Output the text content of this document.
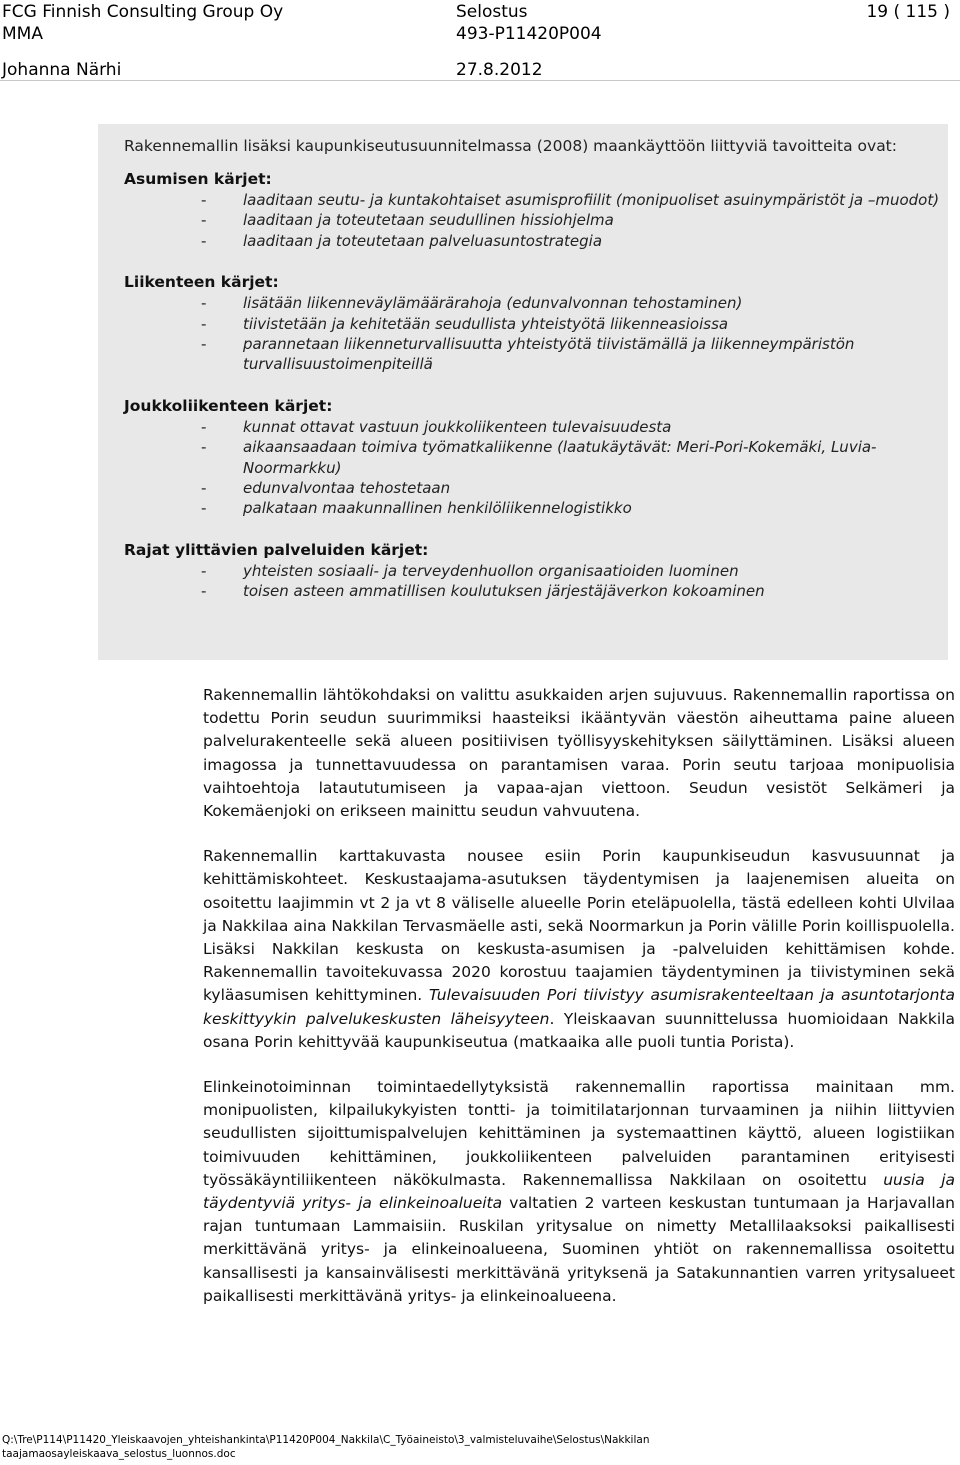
FCG Finnish Consulting Group Oy
MMA
Johanna Närhi
Selostus
493-P11420P004
27.8.2012
19 ( 115 )

Rakennemallin lisäksi kaupunkiseutusuunnitelmassa (2008) maankäyttöön liittyviä tavoitteita ovat:

Asumisen kärjet:

- laaditaan seutu- ja kuntakohtaiset asumisprofiilit (monipuoliset asuinympäristöt ja –muodot)
- laaditaan ja toteutetaan seudullinen hissiohjelma
- laaditaan ja toteutetaan palveluasuntostrategia

Liikenteen kärjet:

- lisätään liikenneväylämäärärahoja (edunvalvonnan tehostaminen)
- tiivistetään ja kehitetään seudullista yhteistyötä liikenneasioissa
- parannetaan liikenneturvallisuutta yhteistyötä tiivistämällä ja liikenneympäristön turvallisuustoimenpiteillä

Joukkoliikenteen kärjet:

- kunnat ottavat vastuun joukkoliikenteen tulevaisuudesta
- aikaansaadaan toimiva työmatkaliikenne (laatukäytävät: Meri-Pori-Kokemäki, Luvia-Noormarkku)
- edunvalvontaa tehostetaan
- palkataan maakunnallinen henkilöliikennelogistikko

Rajat ylittävien palveluiden kärjet:

- yhteisten sosiaali- ja terveydenhuollon organisaatioiden luominen
- toisen asteen ammatillisen koulutuksen järjestäjäverkon kokoaminen

Rakennemallin lähtökohdaksi on valittu asukkaiden arjen sujuvuus. Rakennemallin raportissa on todettu Porin seudun suurimmiksi haasteiksi ikääntyvän väestön aiheuttama paine alueen palvelurakenteelle sekä alueen positiivisen työllisyyskehityksen säilyttäminen. Lisäksi alueen imagossa ja tunnettavuudessa on parantamisen varaa. Porin seutu tarjoaa monipuolisia vaihtoehtoja lataututumiseen ja vapaa-ajan viettoon. Seudun vesistöt Selkämeri ja Kokemäenjoki on erikseen mainittu seudun vahvuutena.

Rakennemallin karttakuvasta nousee esiin Porin kaupunkiseudun kasvusuunnat ja kehittämiskohteet. Keskustaajama-asutuksen täydentymisen ja laajenemisen alueita on osoitettu laajimmin vt 2 ja vt 8 väliselle alueelle Porin eteläpuolella, tästä edelleen kohti Ulvilaa ja Nakkilaa aina Nakkilan Tervasmäelle asti, sekä Noormarkun ja Porin välille Porin koillispuolella. Lisäksi Nakkilan keskusta on keskusta-asumisen ja -palveluiden kehittämisen kohde. Rakennemallin tavoitekuvassa 2020 korostuu taajamien täydentyminen ja tiivistyminen sekä kyläasumisen kehittyminen. Tulevaisuuden Pori tiivistyy asumisrakenteeltaan ja asuntotarjonta keskittyykin palvelukeskusten läheisyyteen. Yleiskaavan suunnittelussa huomioidaan Nakkila osana Porin kehittyvää kaupunkiseutua (matkaaika alle puoli tuntia Porista).

Elinkeinotoiminnan toimintaedellytyksistä rakennemallin raportissa mainitaan mm. monipuolisten, kilpailukykyisten tontti- ja toimitilatarjonnan turvaaminen ja niihin liittyvien seudullisten sijoittumispalvelujen kehittäminen ja systemaattinen käyttö, alueen logistiikan toimivuuden kehittäminen, joukkoliikenteen palveluiden parantaminen erityisesti työssäkäyntiliikenteen näkökulmasta. Rakennemallissa Nakkilaan on osoitettu uusia ja täydentyviä yritys- ja elinkeinoalueita valtatien 2 varteen keskustan tuntumaan ja Harjavallan rajan tuntumaan Lammaisiin. Ruskilan yritysalue on nimetty Metallilaaksoksi paikallisesti merkittävänä yritys- ja elinkeinoalueena, Suominen yhtiöt on rakennemallissa osoitettu kansallisesti ja kansainvälisesti merkittävänä yrityksenä ja Satakunnantien varren yritysalueet paikallisesti merkittävänä yritys- ja elinkeinoalueena.

Q:\Tre\P114\P11420_Yleiskaavojen_yhteishankinta\P11420P004_Nakkila\C_Työaineisto\3_valmisteluvaihe\Selostus\Nakkilan
taajamaosayleiskaava_selostus_luonnos.doc
